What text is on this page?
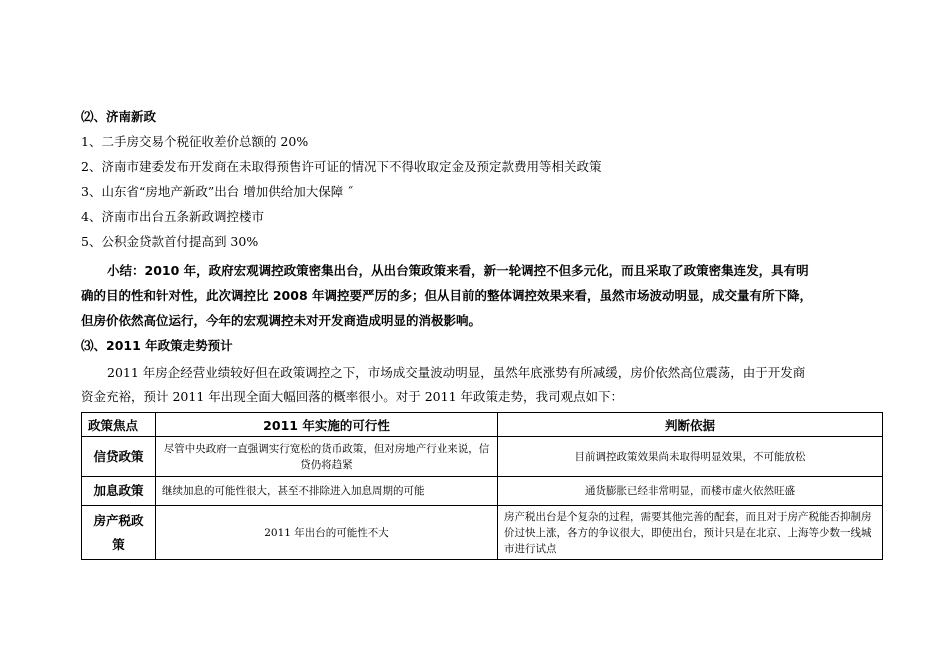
⑵、济南新政
1、二手房交易个税征收差价总额的 20%
2、济南市建委发布开发商在未取得预售许可证的情况下不得收取定金及预定款费用等相关政策
3、山东省“房地产新政”出台 增加供给加大保障 ˝
4、济南市出台五条新政调控楼市
5、公积金贷款首付提高到 30%
小结：2010 年，政府宏观调控政策密集出台，从出台策政策来看，新一轮调控不但多元化，而且采取了政策密集连发，具有明
确的目的性和针对性，此次调控比 2008 年调控要严厉的多；但从目前的整体调控效果来看，虽然市场波动明显，成交量有所下降，
但房价依然高位运行，今年的宏观调控未对开发商造成明显的消极影响。
⑶、2011 年政策走势预计
2011 年房企经营业绩较好但在政策调控之下，市场成交量波动明显，虽然年底涨势有所减缓，房价依然高位震荡，由于开发商
资金充裕，预计 2011 年出现全面大幅回落的概率很小。对于 2011 年政策走势，我司观点如下：
政策焦点	2011 年实施的可行性	判断依据
信贷政策	尽管中央政府一直强调实行宽松的货币政策，但对房地产行业来说，信贷仍将趋紧	目前调控政策效果尚未取得明显效果，不可能放松
加息政策	继续加息的可能性很大，甚至不排除进入加息周期的可能	通货膨胀已经非常明显，而楼市虚火依然旺盛
房产税政策	2011 年出台的可能性不大	房产税出台是个复杂的过程，需要其他完善的配套，而且对于房产税能否抑制房价过快上涨，各方的争议很大，即使出台，预计只是在北京、上海等少数一线城市进行试点
